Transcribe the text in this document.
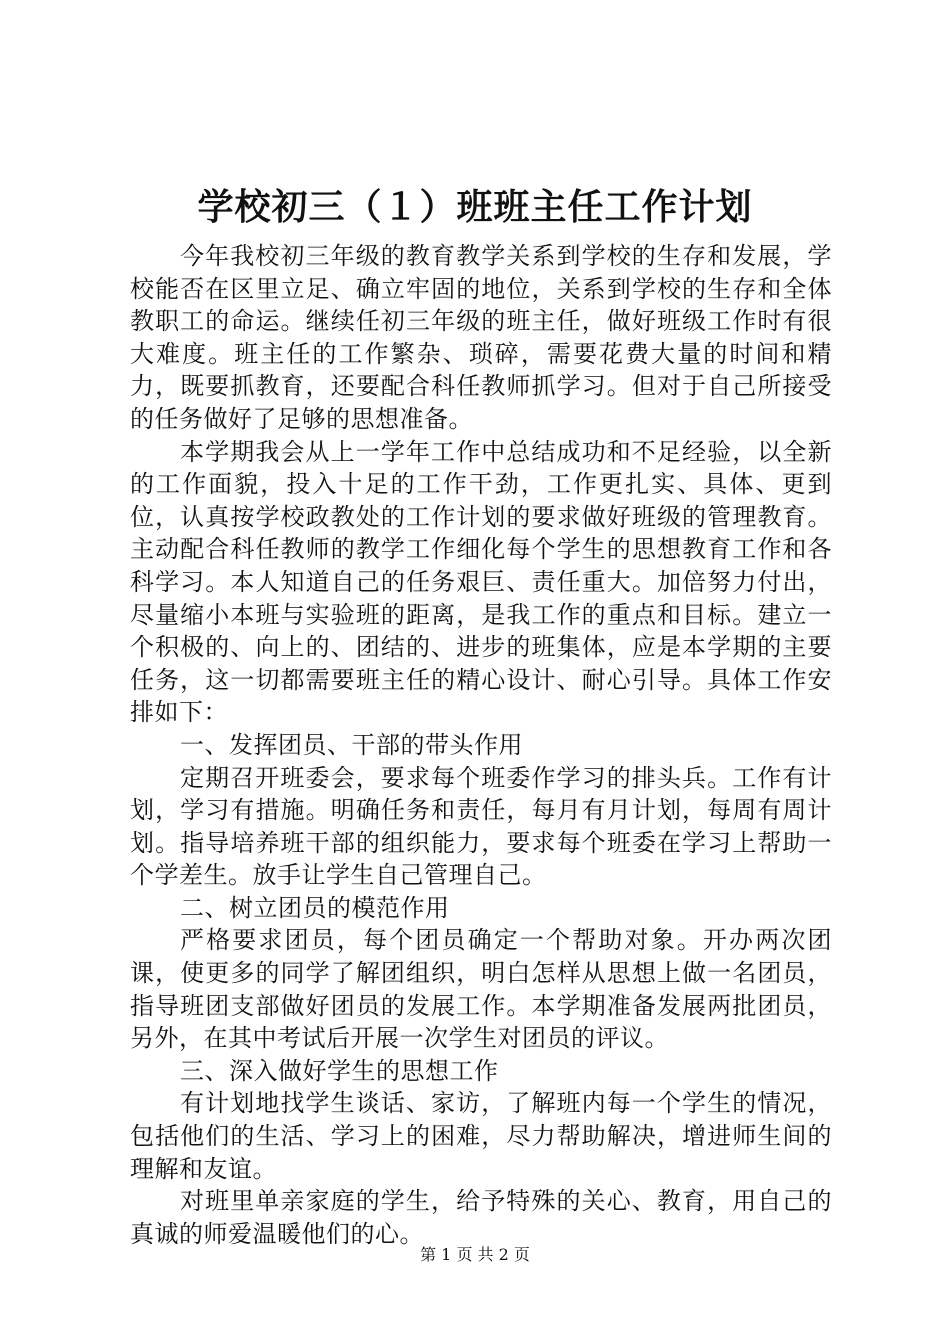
学校初三（１）班班主任工作计划

今年我校初三年级的教育教学关系到学校的生存和发展，学校能否在区里立足、确立牢固的地位，关系到学校的生存和全体教职工的命运。继续任初三年级的班主任，做好班级工作时有很大难度。班主任的工作繁杂、琐碎，需要花费大量的时间和精力，既要抓教育，还要配合科任教师抓学习。但对于自己所接受的任务做好了足够的思想准备。

本学期我会从上一学年工作中总结成功和不足经验，以全新的工作面貌，投入十足的工作干劲，工作更扎实、具体、更到位，认真按学校政教处的工作计划的要求做好班级的管理教育。主动配合科任教师的教学工作细化每个学生的思想教育工作和各科学习。本人知道自己的任务艰巨、责任重大。加倍努力付出，尽量缩小本班与实验班的距离，是我工作的重点和目标。建立一个积极的、向上的、团结的、进步的班集体，应是本学期的主要任务，这一切都需要班主任的精心设计、耐心引导。具体工作安排如下：

一、发挥团员、干部的带头作用

定期召开班委会，要求每个班委作学习的排头兵。工作有计划，学习有措施。明确任务和责任，每月有月计划，每周有周计划。指导培养班干部的组织能力，要求每个班委在学习上帮助一个学差生。放手让学生自己管理自己。

二、树立团员的模范作用

严格要求团员，每个团员确定一个帮助对象。开办两次团课，使更多的同学了解团组织，明白怎样从思想上做一名团员，指导班团支部做好团员的发展工作。本学期准备发展两批团员，另外，在其中考试后开展一次学生对团员的评议。

三、深入做好学生的思想工作

有计划地找学生谈话、家访，了解班内每一个学生的情况，包括他们的生活、学习上的困难，尽力帮助解决，增进师生间的理解和友谊。

对班里单亲家庭的学生，给予特殊的关心、教育，用自己的真诚的师爱温暖他们的心。

第 1 页 共 2 页
